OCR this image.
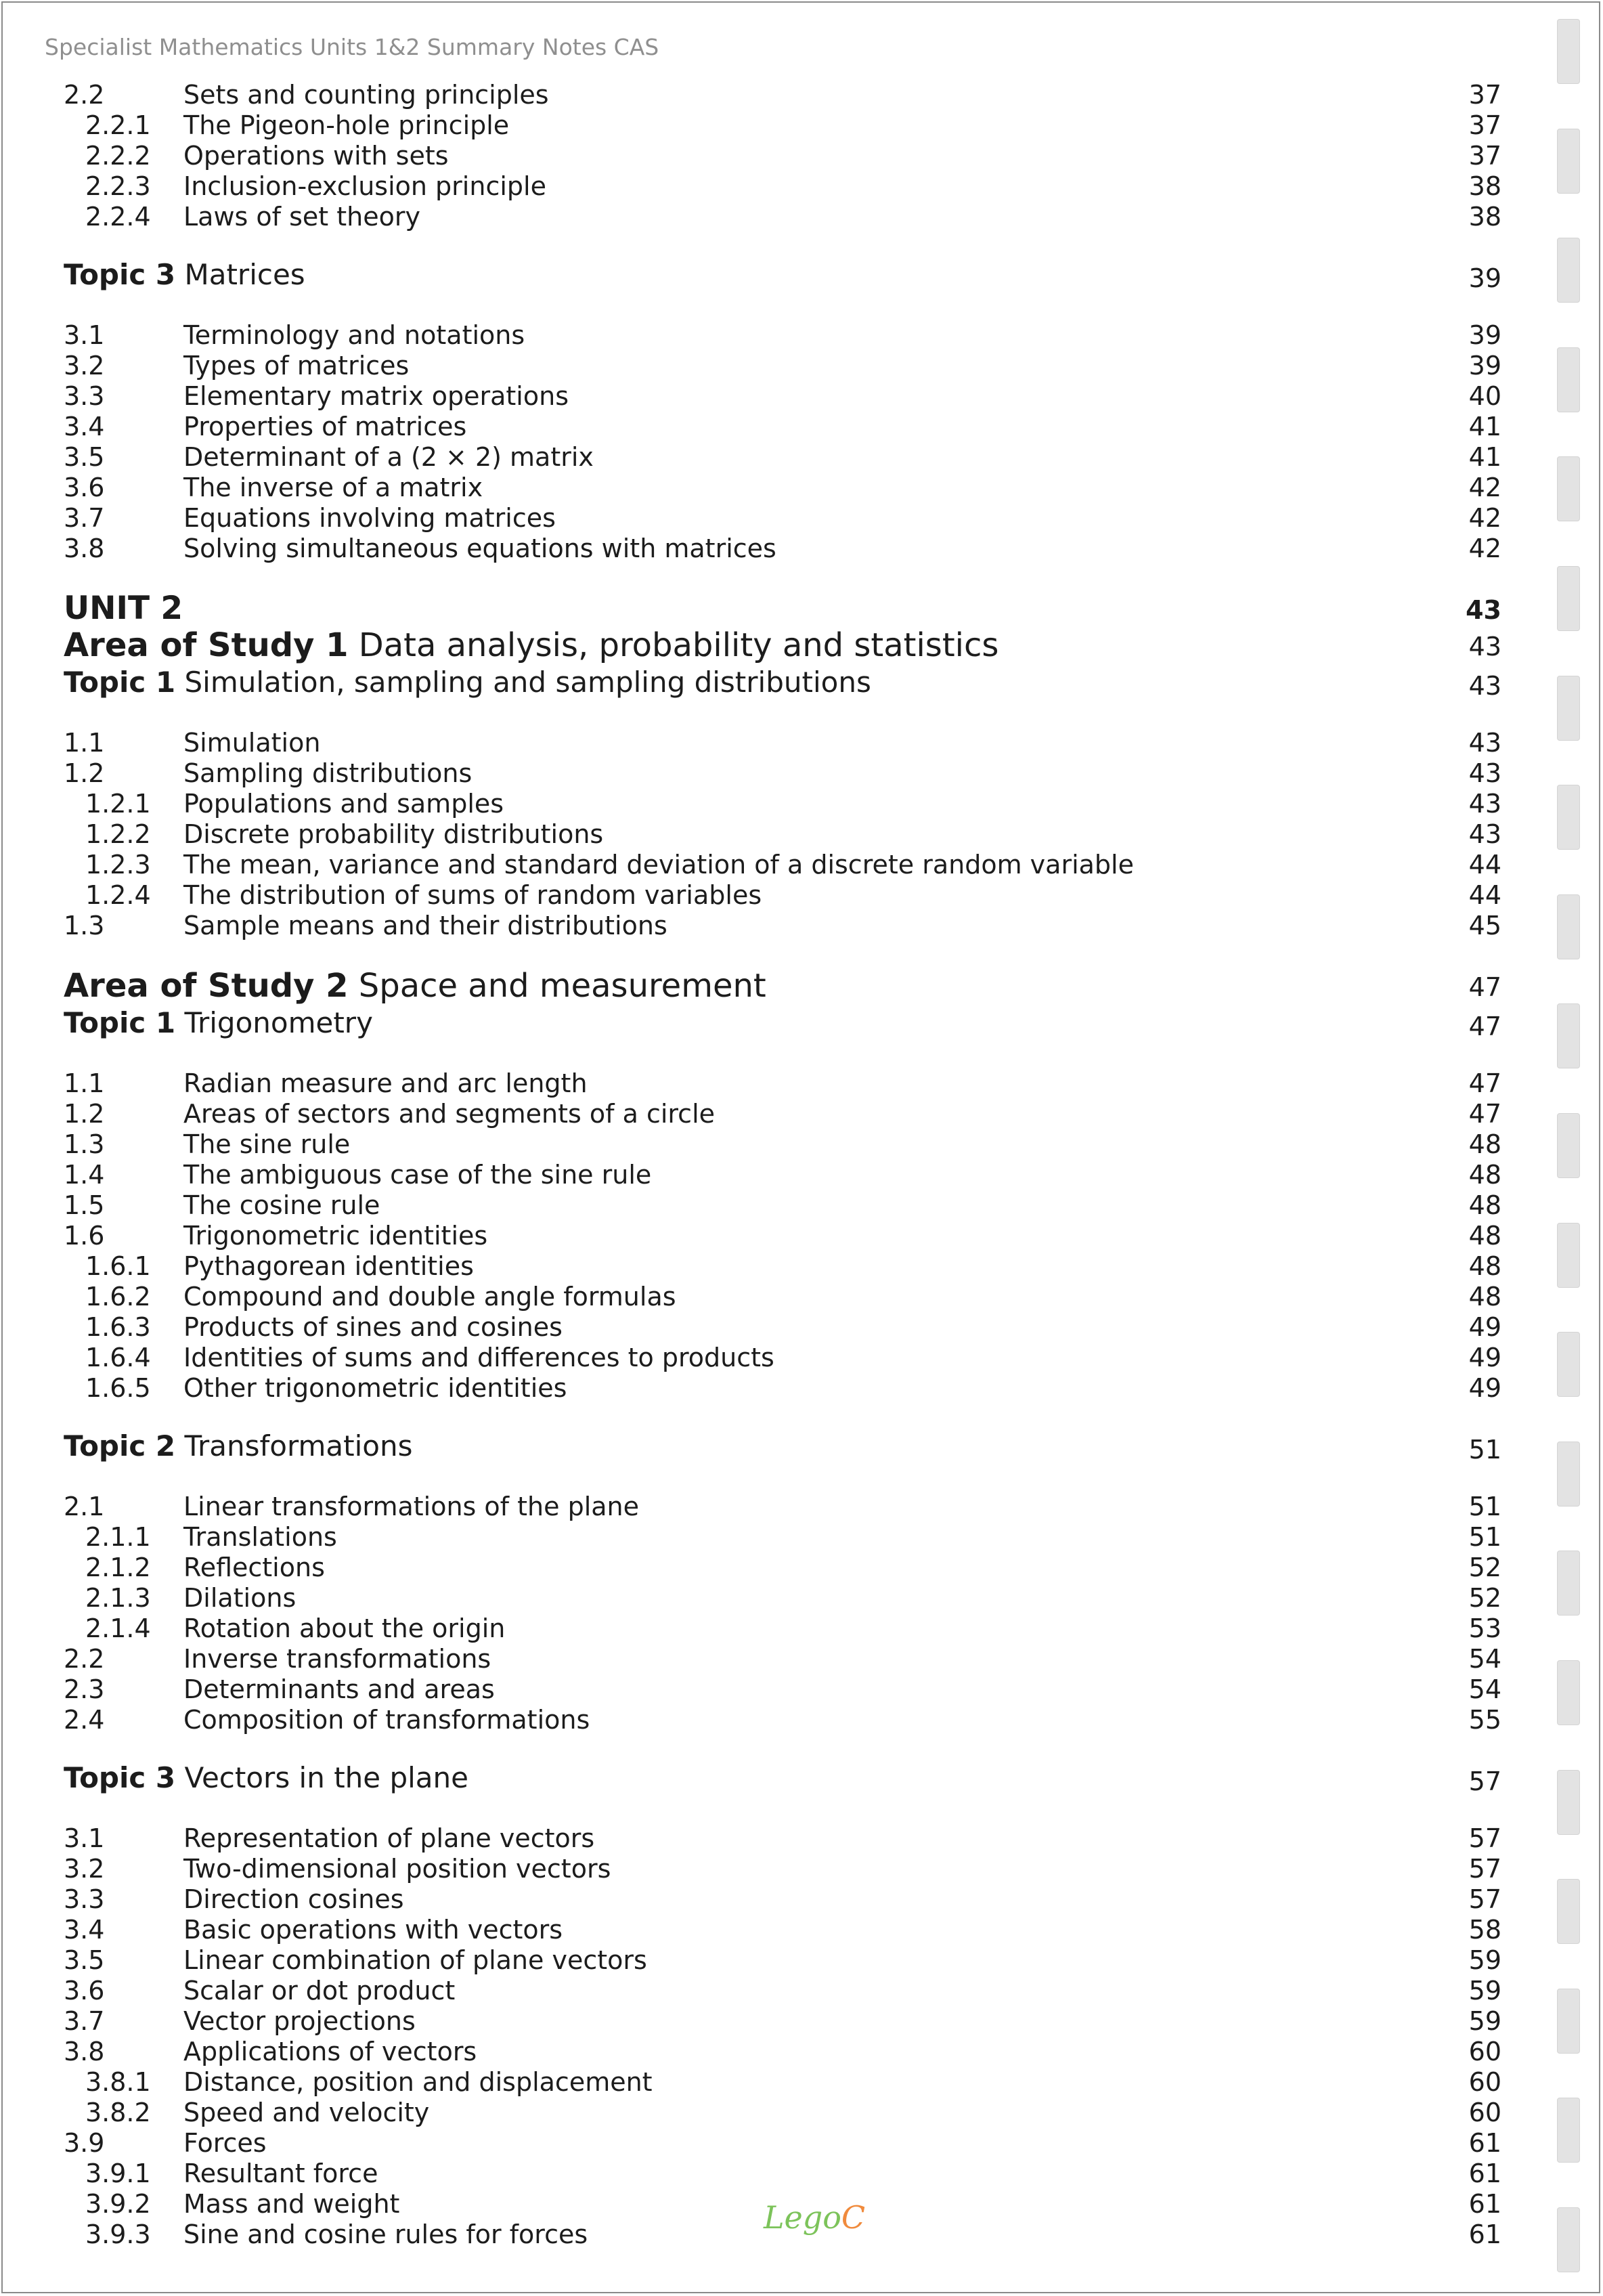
Specialist Mathematics Units 1&2 Summary Notes CAS
2.2	Sets and counting principles	37
2.2.1 The Pigeon-hole principle	37
2.2.2 Operations with sets	37
2.2.3 Inclusion-exclusion principle	38
2.2.4 Laws of set theory	38
Topic 3 Matrices	39
3.1	Terminology and notations	39
3.2	Types of matrices	39
3.3	Elementary matrix operations	40
3.4	Properties of matrices	41
3.5	Determinant of a (2 × 2) matrix	41
3.6	The inverse of a matrix	42
3.7	Equations involving matrices	42
3.8	Solving simultaneous equations with matrices	42
UNIT 2	43
Area of Study 1 Data analysis, probability and statistics	43
Topic 1 Simulation, sampling and sampling distributions	43
1.1	Simulation	43
1.2	Sampling distributions	43
1.2.1 Populations and samples	43
1.2.2 Discrete probability distributions	43
1.2.3 The mean, variance and standard deviation of a discrete random variable	44
1.2.4 The distribution of sums of random variables	44
1.3	Sample means and their distributions	45
Area of Study 2 Space and measurement	47
Topic 1 Trigonometry	47
1.1	Radian measure and arc length	47
1.2	Areas of sectors and segments of a circle	47
1.3	The sine rule	48
1.4	The ambiguous case of the sine rule	48
1.5	The cosine rule	48
1.6	Trigonometric identities	48
1.6.1 Pythagorean identities	48
1.6.2 Compound and double angle formulas	48
1.6.3 Products of sines and cosines	49
1.6.4 Identities of sums and differences to products	49
1.6.5 Other trigonometric identities	49
Topic 2 Transformations	51
2.1	Linear transformations of the plane	51
2.1.1 Translations	51
2.1.2 Reflections	52
2.1.3 Dilations	52
2.1.4 Rotation about the origin	53
2.2	Inverse transformations	54
2.3	Determinants and areas	54
2.4	Composition of transformations	55
Topic 3 Vectors in the plane	57
3.1	Representation of plane vectors	57
3.2	Two-dimensional position vectors	57
3.3	Direction cosines	57
3.4	Basic operations with vectors	58
3.5	Linear combination of plane vectors	59
3.6	Scalar or dot product	59
3.7	Vector projections	59
3.8	Applications of vectors	60
3.8.1 Distance, position and displacement	60
3.8.2 Speed and velocity	60
3.9	Forces	61
3.9.1 Resultant force	61
3.9.2 Mass and weight	61
3.9.3 Sine and cosine rules for forces	61
LegoC
